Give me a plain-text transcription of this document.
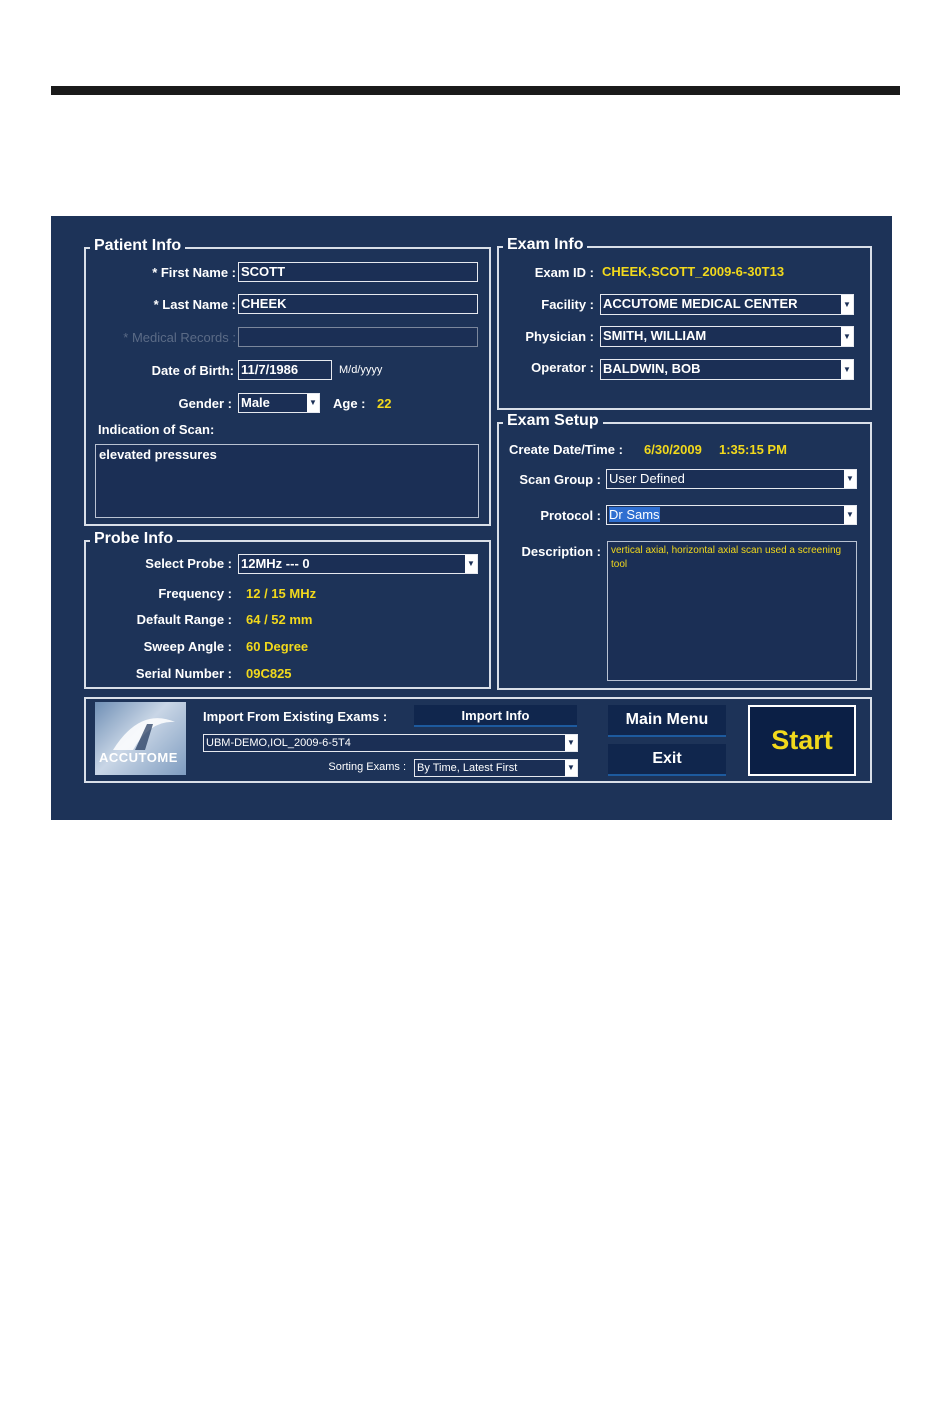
Patient Info
* First Name : SCOTT
* Last Name : CHEEK
* Medical Records :
Date of Birth: 11/7/1986	M/d/yyyy
Gender : Male	▼ Age : 22
Indication of Scan:
elevated pressures
Probe Info
Select Probe : 12MHz --- 0	▼
Frequency : 12 / 15 MHz
Default Range : 64 / 52 mm
Sweep Angle : 60 Degree
Serial Number : 09C825
Exam Info
Exam ID : CHEEK,SCOTT_2009-6-30T13
Facility : ACCUTOME MEDICAL CENTER	▼
Physician : SMITH, WILLIAM	▼
Operator : BALDWIN, BOB	▼
Exam Setup
Create Date/Time : 6/30/2009 1:35:15 PM
Scan Group : User Defined	▼
Protocol : Dr Sams	▼
Description :	vertical axial, horizontal axial scan used a screening tool
ACCUTOME
Import From Existing Exams :	Import Info
UBM-DEMO,IOL_2009-6-5T4	▼
Sorting Exams : By Time, Latest First	▼
Main Menu
Exit
Start
